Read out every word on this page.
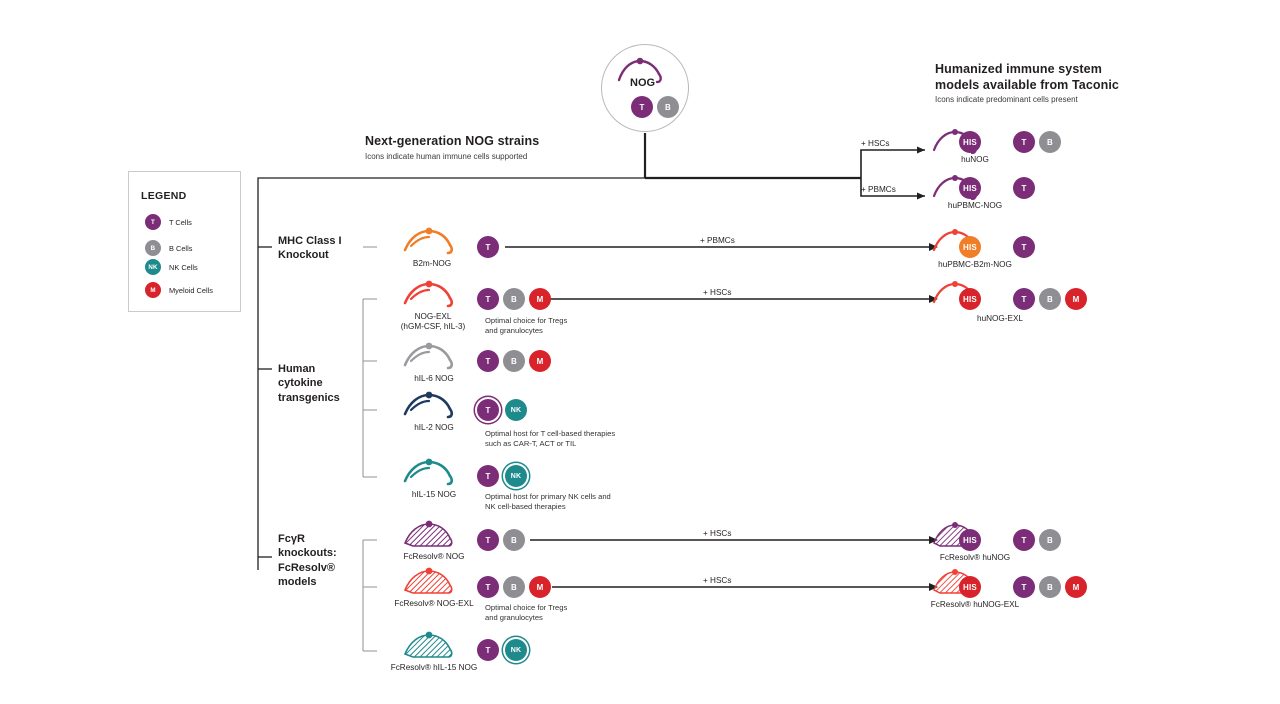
NOG
T	B
Humanized immune system
models available from Taconic
Icons indicate predominant cells present
Next-generation NOG strains
Icons indicate human immune cells supported
LEGEND
T	T Cells
B	B Cells
NK	NK Cells
M	Myeloid Cells
MHC Class I
Knockout
Human
cytokine
transgenics
FcγR
knockouts:
FcResolv®
models
+ HSCs	HIS	T	B
huNOG
+ PBMCs	HIS	T
huPBMC-NOG
B2m-NOG
T
+ PBMCs
HIS	T
huPBMC-B2m-NOG
NOG-EXL
(hGM-CSF, hIL-3)
T	B	M
Optimal choice for Tregs
and granulocytes
+ HSCs
HIS	T	B	M
huNOG-EXL
hIL-6 NOG
T	B	M
hIL-2 NOG
T	NK
Optimal host for T cell-based therapies
such as CAR-T, ACT or TIL
hIL-15 NOG
T	NK
Optimal host for primary NK cells and
NK cell-based therapies
FcResolv® NOG
T	B
+ HSCs
HIS	T	B
FcResolv® huNOG
FcResolv® NOG-EXL
T	B	M
Optimal choice for Tregs
and granulocytes
+ HSCs
HIS	T	B	M
FcResolv® huNOG-EXL
FcResolv® hIL-15 NOG
T	NK
